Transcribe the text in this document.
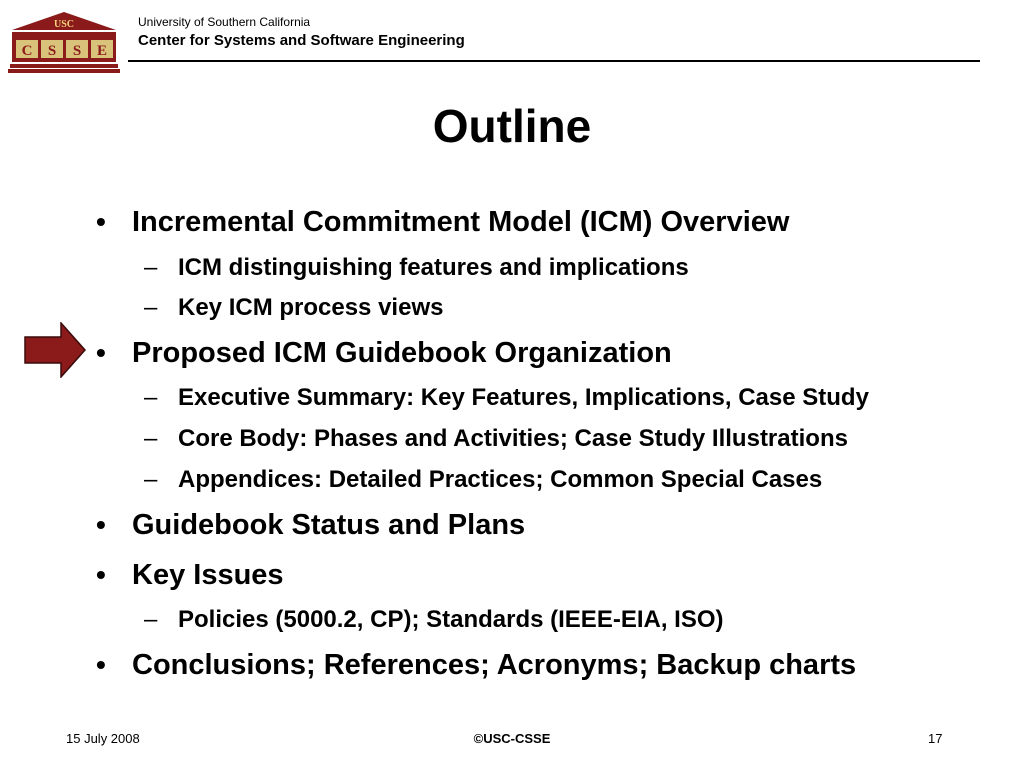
USC
C S S E
University of Southern California
Center for Systems and Software Engineering
Outline
• Incremental Commitment Model (ICM) Overview
– ICM distinguishing features and implications
– Key ICM process views
• Proposed ICM Guidebook Organization
– Executive Summary: Key Features, Implications, Case Study
– Core Body: Phases and Activities; Case Study Illustrations
– Appendices: Detailed Practices; Common Special Cases
• Guidebook Status and Plans
• Key Issues
– Policies (5000.2, CP); Standards (IEEE-EIA, ISO)
• Conclusions; References; Acronyms; Backup charts
15 July 2008	©USC-CSSE	17
